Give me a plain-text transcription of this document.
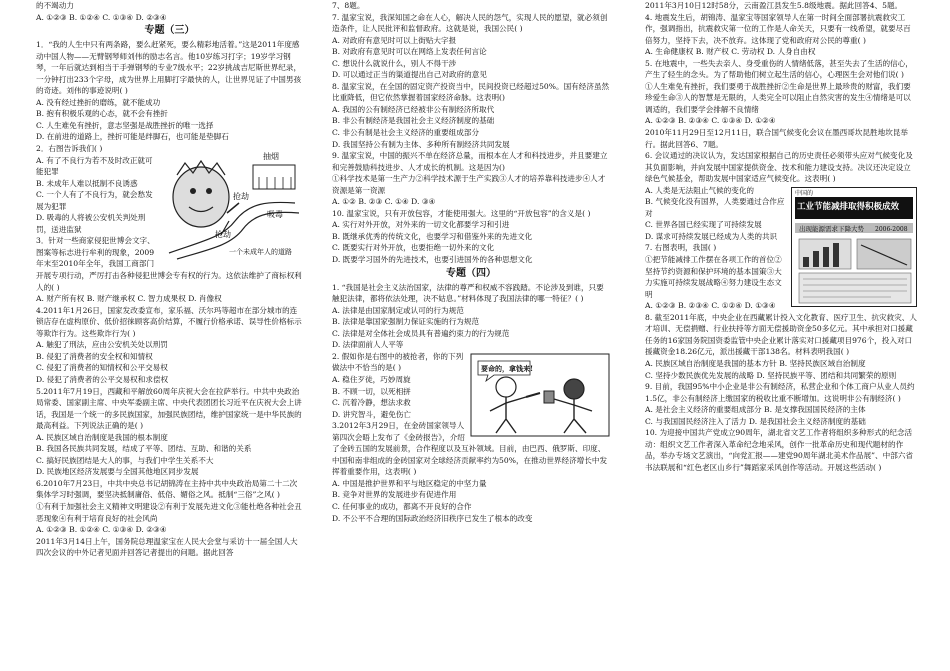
的不竭动力

A. ①②③ B. ①②④ C. ①③④ D. ②③④

专题（三）

1．“我的人生中只有两条路，要么赶紧死，要么精彩地活着。”这是2011年度感动中国人物——无臂钢琴师刘伟的励志名言。他10岁练习打字；19岁学习钢琴，一年后就达到相当于手弹钢琴的专业7级水平；22岁挑战吉尼斯世界纪录，一分钟打出233个字母，成为世界上用脚打字最快的人，让世界见证了中国男孩的奇迹。刘伟的事迹说明( )

A. 没有经过挫折的磨练，就不能成功

B. 抱有积极乐观的心态，就不会有挫折

C. 人生难免有挫折，意志坚强是战胜挫折的唯一选择

D. 在前进的道路上，挫折可能是绊脚石，也可能是垫脚石

抽烟
吸毒
抢劫
抢劫
一个未成年人的道路

2．右图告诉我们( )

A. 有了不良行为若不及时改正就可能犯罪

B. 未成年人难以抵制不良诱惑

C. 一个人有了不良行为，就会愁发展为犯罪

D. 吸毒的人将被公安机关判处刑罚，送进监狱

3．针对一些商家侵犯世博会文字、图案等标志进行牟利的现象，2009年末至2010年全年，我国工商部门开展专项行动，严厉打击各种侵犯世博会专有权的行为。这依法维护了商标权利人的( )

A. 财产所有权 B. 财产继承权 C. 智力成果权 D. 肖像权

4.2011年1月26日，国家发改委宣布，家乐福、沃尔玛等超市在部分城市的连锁店存在虚构原价、低价招徕顾客高价结算，不履行价格承诺、误导性价格标示等欺诈行为。这些欺诈行为( )

A. 触犯了刑法，应由公安机关处以刑罚

B. 侵犯了消费者的安全权和知情权

C. 侵犯了消费者的知情权和公平交易权

D. 侵犯了消费者的公平交易权和求偿权

5.2011年7月19日，西藏和平解放60周年庆祝大会在拉萨举行。中共中央政治局常委、国家副主席、中央军委副主席、中央代表团团长习近平在庆祝大会上讲话，我国是一个统一的多民族国家，加强民族团结，维护国家统一是中华民族的最高利益。下列说法正确的是( )

A. 民族区域自治制度是我国的根本制度

B. 我国各民族共同发展，结成了平等、团结、互助、和谐的关系

C. 搞好民族团结是大人的事，与我们中学生关系不大

D. 民族地区经济发展要与全国其他地区同步发展

6.2010年7月23日，中共中央总书记胡锦涛在主持中共中央政治局第二十二次集体学习时强调，要坚决抵制庸俗、低俗、媚俗之风。抵制“三俗”之风( )

①有利于加强社会主义精神文明建设②有利于发展先进文化③能杜绝各种社会丑恶现象④有利于培育良好的社会风尚

A. ①②③ B. ①②④ C. ①③④ D. ②③④

2011年3月14日上午，国务院总理温家宝在人民大会堂与采访十一届全国人大四次会议的中外记者见面并回答记者提出的问题。据此回答

7、8题。

7. 温家宝说，我深知国之命在人心，解决人民的怨气，实现人民的愿望，就必须创造条件，让人民批评和监督政府。这就是说，我国公民( )

A. 对政府有意见时可以上街贴大字报

B. 对政府有意见时可以在网络上发表任何言论

C. 想说什么就说什么，别人不得干涉

D. 可以通过正当的渠道提出自己对政府的意见

8. 温家宝说，在全国的固定资产投资当中，民间投资已经超过50%。国有经济虽然比重降低，但它依然掌握着国家经济命脉。这表明()

A. 我国的公有制经济已经被非公有制经济所取代

B. 非公有制经济是我国社会主义经济制度的基础

C. 非公有制是社会主义经济的重要组成部分

D. 我国坚持公有制为主体、多种所有制经济共同发展

9. 温家宝说，中国的振兴不单在经济总量，而根本在人才和科技进步，并且要建立和完善鼓励科技进步、人才成长的机制。这是因为()

①科学技术是第一生产力②科学技术源于生产实践③人才的培养靠科技进步④人才资源是第一资源

A. ①② B. ②③ C. ①④ D. ③④

10. 温家宝说，只有开放包容，才能使用强大。这里的“开放包容”的含义是( )

A. 实行对外开放，对外来的一切文化都要学习和引进

B. 既继承优秀的传统文化，也要学习和借鉴外来的先进文化

C. 既要实行对外开放，也要拒绝一切外来的文化

D. 既要学习国外的先进技术，也要引进国外的各种思想文化

专题（四）

1. “我国是社会主义法治国家，法律的尊严和权威不容践踏。不论涉及到谁，只要触犯法律，都将依法处理，决不姑息。”材料体现了我国法律的哪一特征？( )

A. 法律是由国家制定或认可的行为规范

B. 法律是靠国家强制力保证实施的行为规范

C. 法律是对全体社会成员具有普遍约束力的行为规范

D. 法律面前人人平等

要命的，拿钱来!

2. 假如你是右图中的被抢者，你的下列做法中不恰当的是( )

A. 稳住歹徒，巧妙周旋

B. 不顾一切，以死相拼

C. 沉着冷静，想法求救

D. 讲究智斗，避免伤亡

3.2012年3月29日，在金砖国家领导人第四次会晤上发布了《金砖报告》，介绍了金砖五国的发展前景，合作程度以及互补领域。目前，由巴西、俄罗斯、印度、中国和南非组成的金砖国家对全球经济贡献率约为50%，在推动世界经济增长中发挥着重要作用，这表明( )

A. 中国是推护世界和平与地区稳定的中坚力量

B. 竞争对世界的发展进步有促进作用

C. 任何事业的成功，都离不开良好的合作

D. 不公平不合理的国际政治经济旧秩序已发生了根本的改变

2011年3月10日12时58分，云南盈江县发生5.8级地震。据此回答4、5题。

4. 地震发生后，胡锦涛、温家宝等国家领导人在第一时间全面部署抗震救灾工作，强调指出，抗震救灾第一位的工作是人命关天，只要有一线希望，就要尽百倍努力，坚持下去，决不放弃。这体现了党和政府对公民的尊重( )

A. 生命健康权 B. 财产权 C. 劳动权 D. 人身自由权

5. 在地震中，一些失去亲人、身受重伤的人情绪低落，甚至失去了生活的信心，产生了轻生的念头。为了帮助他们树立起生活的信心，心理医生会对他们说( )

①人生难免有挫折，我们要勇于战胜挫折②生命是世界上最珍贵的财富，我们要珍爱生命③人的智慧是无限的，人类完全可以阻止自然灾害的发生④情绪是可以调适的，我们要学会排解不良情绪

A. ①②③ B. ②③④ C. ①③④ D. ①②④

2010年11月29日至12月11日，联合国气候变化会议在墨西哥坎昆胜地坎昆举行。据此回答6、7题。

6. 会议通过的决议认为，发达国家根据自己的历史责任必须带头应对气候变化及其负面影响，并向发展中国家提供资金、技术和能力建设支持。决议还决定设立绿色气候基金，帮助发展中国家适应气候变化。这表明( )

中国的
工业节能减排取得积极成效
出现能源需求下降大势 2006-2008

A. 人类是无法阻止气候的变化的

B. 气候变化没有国界，人类要通过合作应对

C. 世界各国已经实现了可持续发展

D. 谋求可持续发展已经成为人类的共识

7. 右图表明，我国( )

①把节能减排工作摆在各项工作的首位②坚持节约资源和保护环境的基本国策③大力实施可持续发展战略④努力建设生态文明

A. ①②③ B. ②③④ C. ①②④ D. ①③④

8. 截至2011年底，中央企业在西藏累计投入文化教育、医疗卫生、抗灾救灾、人才培训、无偿捐赠、行业扶持等方面无偿援助资金50多亿元。其中承担对口援藏任务的16家国务院国资委监管中央企业累计落实对口援藏项目976个，投入对口援藏资金18.26亿元，派出援藏干部138名。材料表明我国( )

A. 民族区域自治制度是我国的基本方针 B. 坚持民族区域自治制度

C. 坚持少数民族优先发展的战略 D. 坚持民族平等、团结和共同繁荣的原则

9. 目前，我国95%中小企业是非公有制经济，私营企业和个体工商户从业人员约1.5亿，非公有制经济上缴国家的税收比重不断增加。这说明非公有制经济( )

A. 是社会主义经济的重要组成部分 B. 是支撑我国国民经济的主体

C. 与我国国民经济注入了活力 D. 是我国社会主义经济制度的基础

10. 为迎接中国共产党成立90周年，湖北省文艺工作者将组织多种形式的纪念活动：组织文艺工作者深入革命纪念地采风，创作一批革命历史和现代题材的作品，举办专场文艺演出，“向党汇报——建党90周年湖北美术作品展”、中部六省书法联展和“红色老区山乡行”舞蹈家采风创作等活动。开展这些活动( )
